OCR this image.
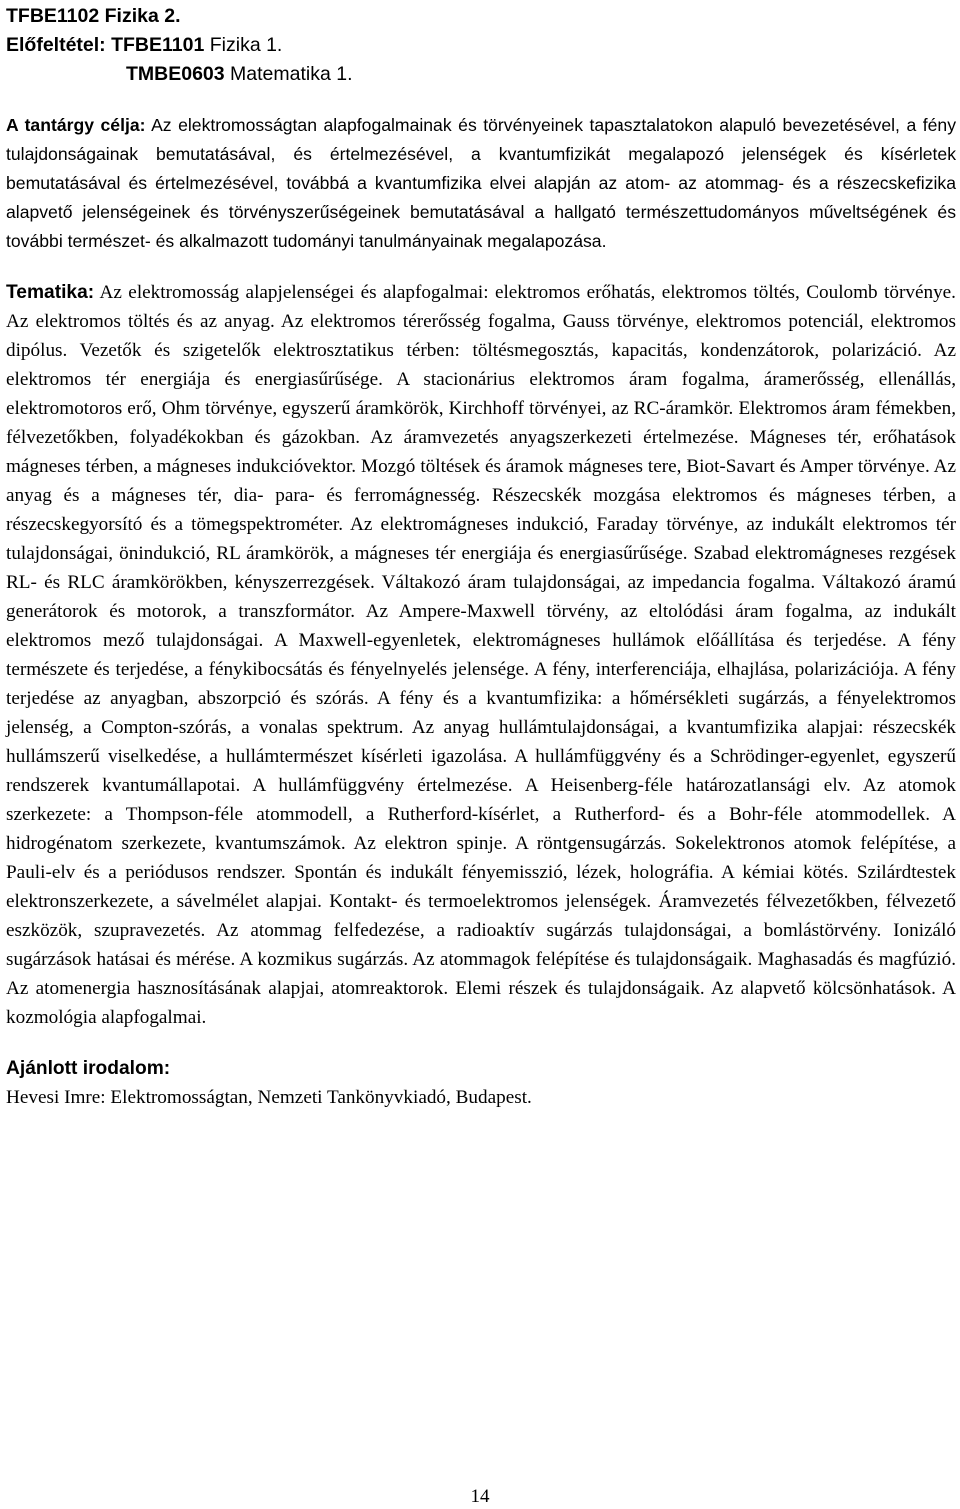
TFBE1102 Fizika 2.
Előfeltétel: TFBE1101 Fizika 1.
TMBE0603 Matematika 1.
A tantárgy célja: Az elektromosságtan alapfogalmainak és törvényeinek tapasztalatokon alapuló bevezetésével, a fény tulajdonságainak bemutatásával, és értelmezésével, a kvantumfizikát megalapozó jelenségek és kísérletek bemutatásával és értelmezésével, továbbá a kvantumfizika elvei alapján az atom- az atommag- és a részecskefizika alapvető jelenségeinek és törvényszerűségeinek bemutatásával a hallgató természettudományos műveltségének és további természet- és alkalmazott tudományi tanulmányainak megalapozása.
Tematika: Az elektromosság alapjelenségei és alapfogalmai: elektromos erőhatás, elektromos töltés, Coulomb törvénye. Az elektromos töltés és az anyag. Az elektromos térerősség fogalma, Gauss törvénye, elektromos potenciál, elektromos dipólus. Vezetők és szigetelők elektrosztatikus térben: töltésmegosztás, kapacitás, kondenzátorok, polarizáció. Az elektromos tér energiája és energiasűrűsége. A stacionárius elektromos áram fogalma, áramerősség, ellenállás, elektromotoros erő, Ohm törvénye, egyszerű áramkörök, Kirchhoff törvényei, az RC-áramkör. Elektromos áram fémekben, félvezetőkben, folyadékokban és gázokban. Az áramvezetés anyagszerkezeti értelmezése. Mágneses tér, erőhatások mágneses térben, a mágneses indukcióvektor. Mozgó töltések és áramok mágneses tere, Biot-Savart és Amper törvénye. Az anyag és a mágneses tér, dia- para- és ferromágnesség. Részecskék mozgása elektromos és mágneses térben, a részecskegyorsító és a tömegspektrométer. Az elektromágneses indukció, Faraday törvénye, az indukált elektromos tér tulajdonságai, önindukció, RL áramkörök, a mágneses tér energiája és energiasűrűsége. Szabad elektromágneses rezgések RL- és RLC áramkörökben, kényszerrezgések. Váltakozó áram tulajdonságai, az impedancia fogalma. Váltakozó áramú generátorok és motorok, a transzformátor. Az Ampere-Maxwell törvény, az eltolódási áram fogalma, az indukált elektromos mező tulajdonságai. A Maxwell-egyenletek, elektromágneses hullámok előállítása és terjedése. A fény természete és terjedése, a fénykibocsátás és fényelnyelés jelensége. A fény, interferenciája, elhajlása, polarizációja. A fény terjedése az anyagban, abszorpció és szórás. A fény és a kvantumfizika: a hőmérsékleti sugárzás, a fényelektromos jelenség, a Compton-szórás, a vonalas spektrum. Az anyag hullámtulajdonságai, a kvantumfizika alapjai: részecskék hullámszerű viselkedése, a hullámtermészet kísérleti igazolása. A hullámfüggvény és a Schrödinger-egyenlet, egyszerű rendszerek kvantumállapotai. A hullámfüggvény értelmezése. A Heisenberg-féle határozatlansági elv. Az atomok szerkezete: a Thompson-féle atommodell, a Rutherford-kísérlet, a Rutherford- és a Bohr-féle atommodellek. A hidrogénatom szerkezete, kvantumszámok. Az elektron spinje. A röntgensugárzás. Sokelektronos atomok felépítése, a Pauli-elv és a periódusos rendszer. Spontán és indukált fényemisszió, lézek, holográfia. A kémiai kötés. Szilárdtestek elektronszerkezete, a sávelmélet alapjai. Kontakt- és termoelektromos jelenségek. Áramvezetés félvezetőkben, félvezető eszközök, szupravezetés. Az atommag felfedezése, a radioaktív sugárzás tulajdonságai, a bomlástörvény. Ionizáló sugárzások hatásai és mérése. A kozmikus sugárzás. Az atommagok felépítése és tulajdonságaik. Maghasadás és magfúzió. Az atomenergia hasznosításának alapjai, atomreaktorok. Elemi részek és tulajdonságaik. Az alapvető kölcsönhatások. A kozmológia alapfogalmai.
Ajánlott irodalom:
Hevesi Imre: Elektromosságtan, Nemzeti Tankönyvkiadó, Budapest.
14
